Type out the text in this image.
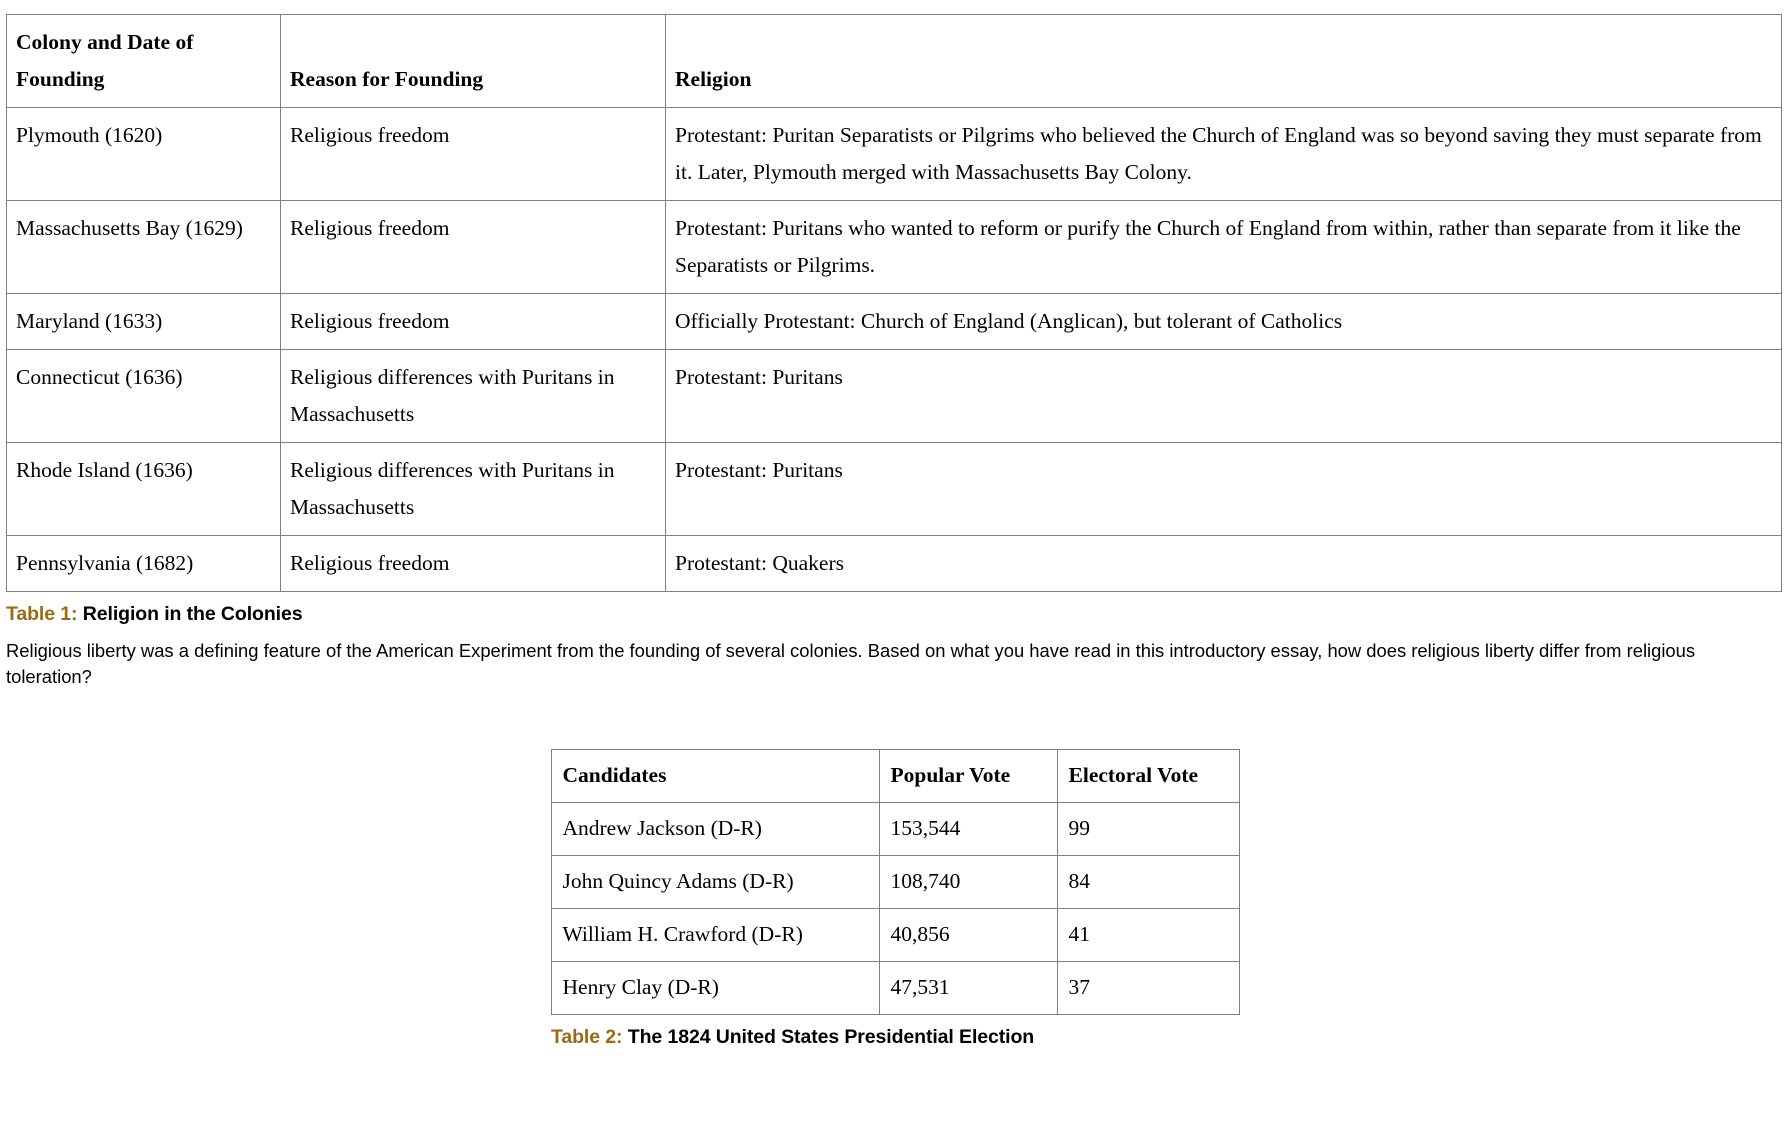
Colony and Date of Founding	Reason for Founding	Religion
Plymouth (1620)	Religious freedom	Protestant: Puritan Separatists or Pilgrims who believed the Church of England was so beyond saving they must separate from it. Later, Plymouth merged with Massachusetts Bay Colony.
Massachusetts Bay (1629)	Religious freedom	Protestant: Puritans who wanted to reform or purify the Church of England from within, rather than separate from it like the Separatists or Pilgrims.
Maryland (1633)	Religious freedom	Officially Protestant: Church of England (Anglican), but tolerant of Catholics
Connecticut (1636)	Religious differences with Puritans in Massachusetts	Protestant: Puritans
Rhode Island (1636)	Religious differences with Puritans in Massachusetts	Protestant: Puritans
Pennsylvania (1682)	Religious freedom	Protestant: Quakers
Table 1: Religion in the Colonies

Religious liberty was a defining feature of the American Experiment from the founding of several colonies. Based on what you have read in this introductory essay, how does religious liberty differ from religious toleration?

Candidates	Popular Vote	Electoral Vote
Andrew Jackson (D-R)	153,544	99
John Quincy Adams (D-R)	108,740	84
William H. Crawford (D-R)	40,856	41
Henry Clay (D-R)	47,531	37
Table 2: The 1824 United States Presidential Election
